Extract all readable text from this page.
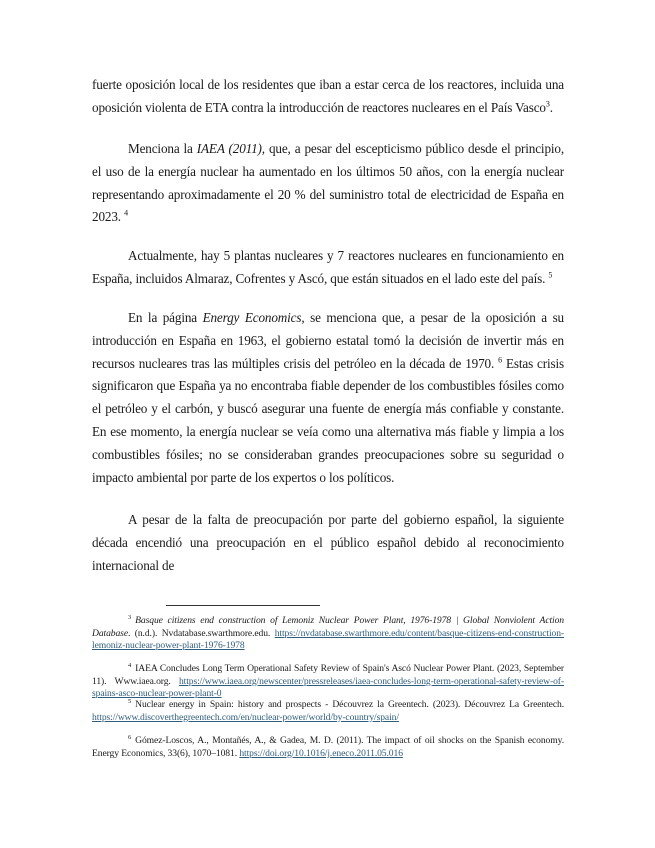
fuerte oposición local de los residentes que iban a estar cerca de los reactores, incluida una oposición violenta de ETA contra la introducción de reactores nucleares en el País Vasco$^3$.

Menciona la IAEA (2011), que, a pesar del escepticismo público desde el principio, el uso de la energía nuclear ha aumentado en los últimos 50 años, con la energía nuclear representando aproximadamente el 20 % del suministro total de electricidad de España en 2023. $^4$

Actualmente, hay 5 plantas nucleares y 7 reactores nucleares en funcionamiento en España, incluidos Almaraz, Cofrentes y Ascó, que están situados en el lado este del país. $^5$

En la página Energy Economics, se menciona que, a pesar de la oposición a su introducción en España en 1963, el gobierno estatal tomó la decisión de invertir más en recursos nucleares tras las múltiples crisis del petróleo en la década de 1970. $^6$ Estas crisis significaron que España ya no encontraba fiable depender de los combustibles fósiles como el petróleo y el carbón, y buscó asegurar una fuente de energía más confiable y constante. En ese momento, la energía nuclear se veía como una alternativa más fiable y limpia a los combustibles fósiles; no se consideraban grandes preocupaciones sobre su seguridad o impacto ambiental por parte de los expertos o los políticos.

A pesar de la falta de preocupación por parte del gobierno español, la siguiente década encendió una preocupación en el público español debido al reconocimiento internacional de

$^3$ Basque citizens end construction of Lemoniz Nuclear Power Plant, 1976-1978 | Global Nonviolent Action Database. (n.d.). Nvdatabase.swarthmore.edu. https://nvdatabase.swarthmore.edu/content/basque-citizens-end-construction-lemoniz-nuclear-power-plant-1976-1978

$^4$ IAEA Concludes Long Term Operational Safety Review of Spain's Ascó Nuclear Power Plant. (2023, September 11). Www.iaea.org. https://www.iaea.org/newscenter/pressreleases/iaea-concludes-long-term-operational-safety-review-of-spains-asco-nuclear-power-plant-0

$^5$ Nuclear energy in Spain: history and prospects - Découvrez la Greentech. (2023). Découvrez La Greentech. https://www.discoverthegreentech.com/en/nuclear-power/world/by-country/spain/

$^6$ Gómez-Loscos, A., Montañés, A., & Gadea, M. D. (2011). The impact of oil shocks on the Spanish economy. Energy Economics, 33(6), 1070–1081. https://doi.org/10.1016/j.eneco.2011.05.016
